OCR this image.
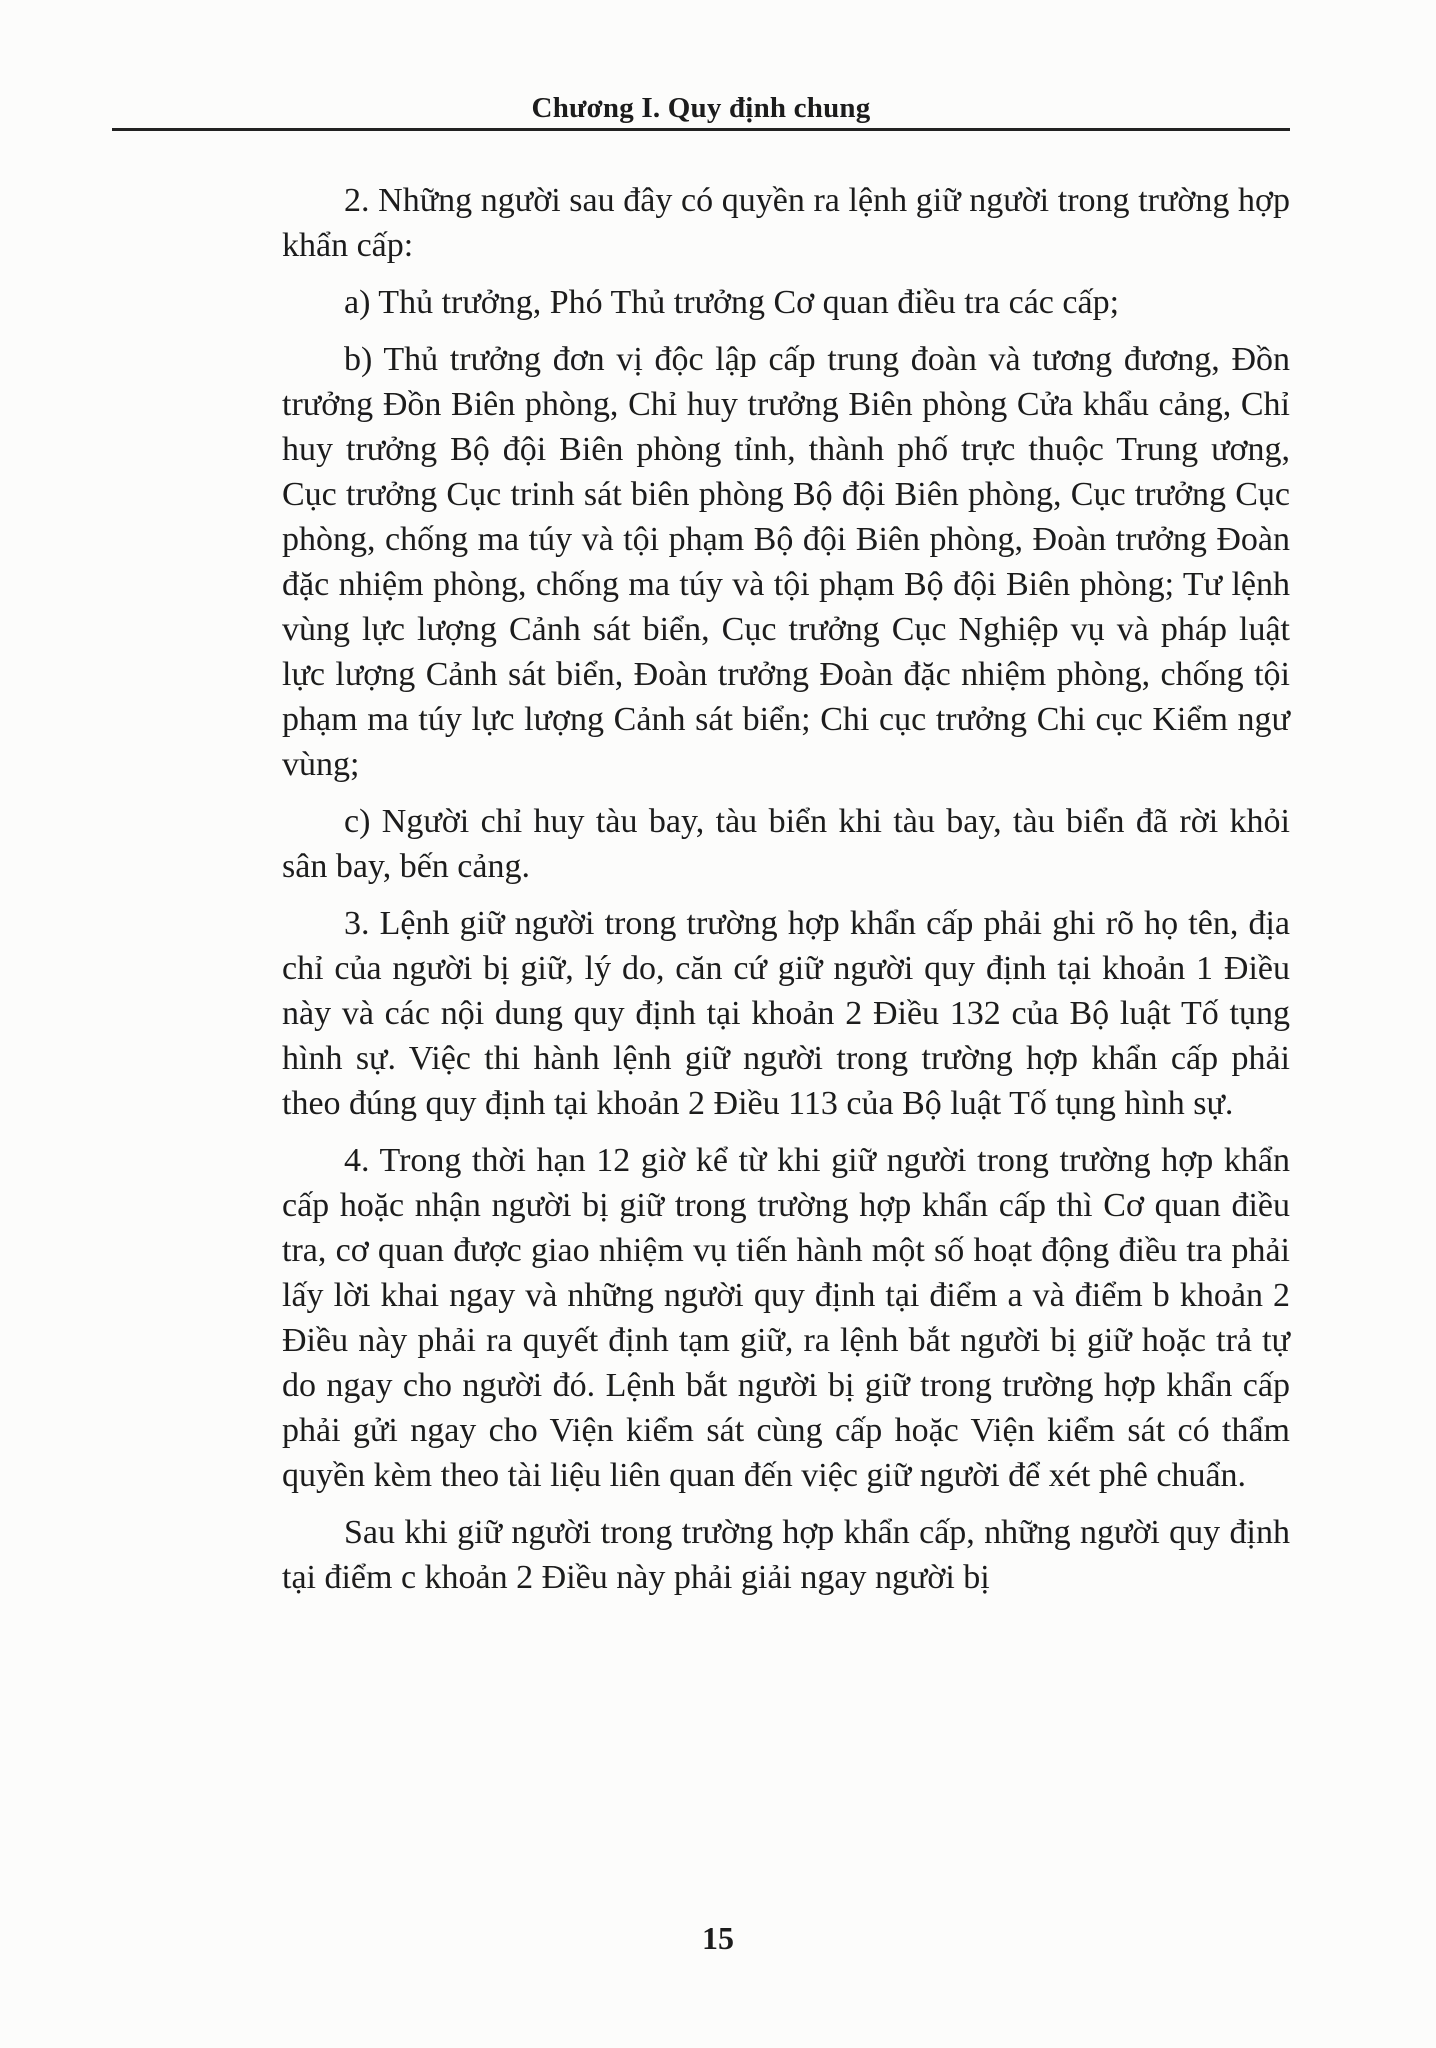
Chương I. Quy định chung

2. Những người sau đây có quyền ra lệnh giữ người trong trường hợp khẩn cấp:

a) Thủ trưởng, Phó Thủ trưởng Cơ quan điều tra các cấp;

b) Thủ trưởng đơn vị độc lập cấp trung đoàn và tương đương, Đồn trưởng Đồn Biên phòng, Chỉ huy trưởng Biên phòng Cửa khẩu cảng, Chỉ huy trưởng Bộ đội Biên phòng tỉnh, thành phố trực thuộc Trung ương, Cục trưởng Cục trinh sát biên phòng Bộ đội Biên phòng, Cục trưởng Cục phòng, chống ma túy và tội phạm Bộ đội Biên phòng, Đoàn trưởng Đoàn đặc nhiệm phòng, chống ma túy và tội phạm Bộ đội Biên phòng; Tư lệnh vùng lực lượng Cảnh sát biển, Cục trưởng Cục Nghiệp vụ và pháp luật lực lượng Cảnh sát biển, Đoàn trưởng Đoàn đặc nhiệm phòng, chống tội phạm ma túy lực lượng Cảnh sát biển; Chi cục trưởng Chi cục Kiểm ngư vùng;

c) Người chỉ huy tàu bay, tàu biển khi tàu bay, tàu biển đã rời khỏi sân bay, bến cảng.

3. Lệnh giữ người trong trường hợp khẩn cấp phải ghi rõ họ tên, địa chỉ của người bị giữ, lý do, căn cứ giữ người quy định tại khoản 1 Điều này và các nội dung quy định tại khoản 2 Điều 132 của Bộ luật Tố tụng hình sự. Việc thi hành lệnh giữ người trong trường hợp khẩn cấp phải theo đúng quy định tại khoản 2 Điều 113 của Bộ luật Tố tụng hình sự.

4. Trong thời hạn 12 giờ kể từ khi giữ người trong trường hợp khẩn cấp hoặc nhận người bị giữ trong trường hợp khẩn cấp thì Cơ quan điều tra, cơ quan được giao nhiệm vụ tiến hành một số hoạt động điều tra phải lấy lời khai ngay và những người quy định tại điểm a và điểm b khoản 2 Điều này phải ra quyết định tạm giữ, ra lệnh bắt người bị giữ hoặc trả tự do ngay cho người đó. Lệnh bắt người bị giữ trong trường hợp khẩn cấp phải gửi ngay cho Viện kiểm sát cùng cấp hoặc Viện kiểm sát có thẩm quyền kèm theo tài liệu liên quan đến việc giữ người để xét phê chuẩn.

Sau khi giữ người trong trường hợp khẩn cấp, những người quy định tại điểm c khoản 2 Điều này phải giải ngay người bị

15
